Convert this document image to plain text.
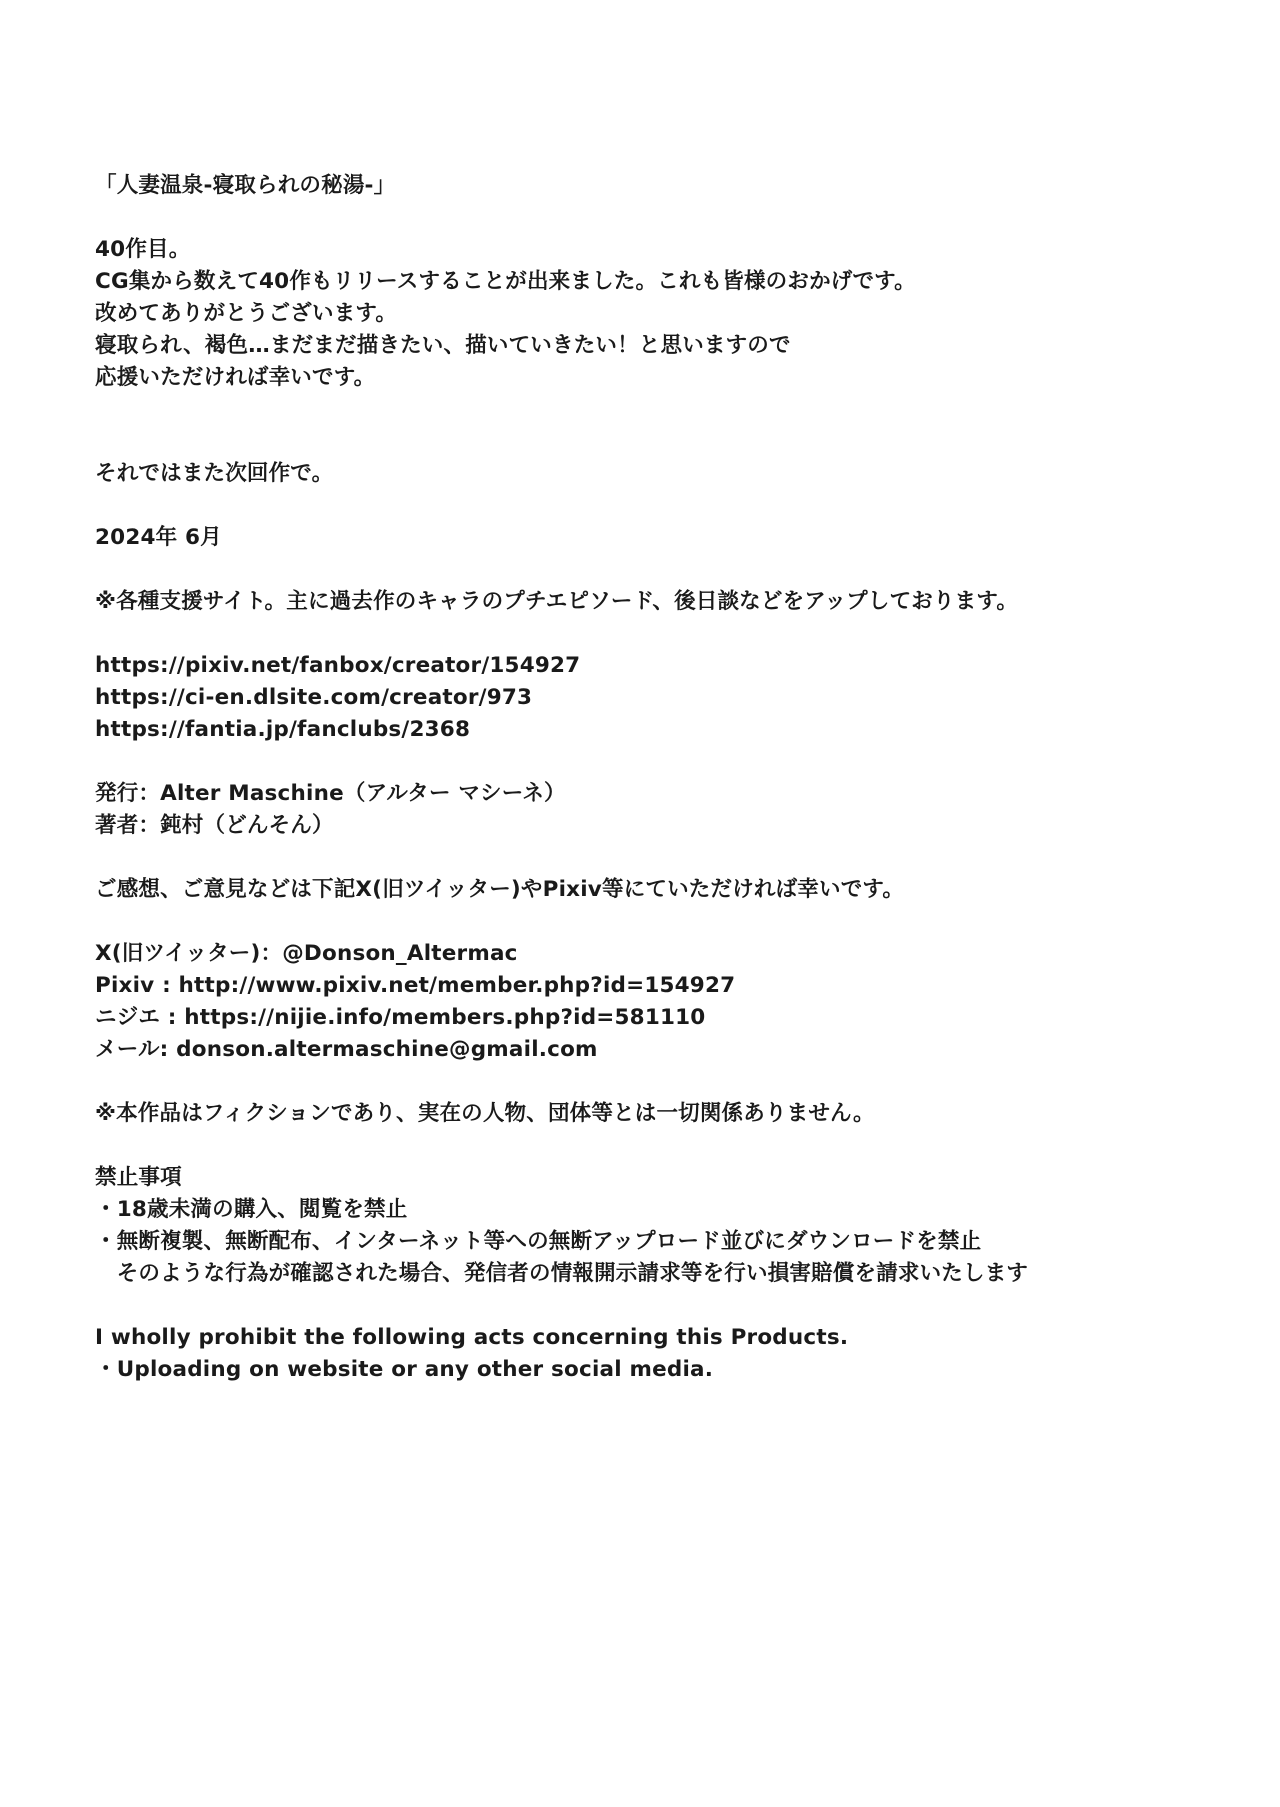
「人妻温泉-寝取られの秘湯-」

40作目。
CG集から数えて40作もリリースすることが出来ました。これも皆様のおかげです。
改めてありがとうございます。
寝取られ、褐色…まだまだ描きたい、描いていきたい！と思いますので
応援いただければ幸いです。

それではまた次回作で。

2024年 6月

※各種支援サイト。主に過去作のキャラのプチエピソード、後日談などをアップしております。

https://pixiv.net/fanbox/creator/154927
https://ci-en.dlsite.com/creator/973
https://fantia.jp/fanclubs/2368

発行：Alter Maschine（アルター マシーネ）
著者：鈍村（どんそん）

ご感想、ご意見などは下記X(旧ツイッター)やPixiv等にていただければ幸いです。

X(旧ツイッター)：@Donson_Altermac
Pixiv : http://www.pixiv.net/member.php?id=154927
ニジエ : https://nijie.info/members.php?id=581110
メール: donson.altermaschine@gmail.com

※本作品はフィクションであり、実在の人物、団体等とは一切関係ありません。

禁止事項
・18歳未満の購入、閲覧を禁止
・無断複製、無断配布、インターネット等への無断アップロード並びにダウンロードを禁止
　そのような行為が確認された場合、発信者の情報開示請求等を行い損害賠償を請求いたします

I wholly prohibit the following acts concerning this Products.
・Uploading on website or any other social media.
